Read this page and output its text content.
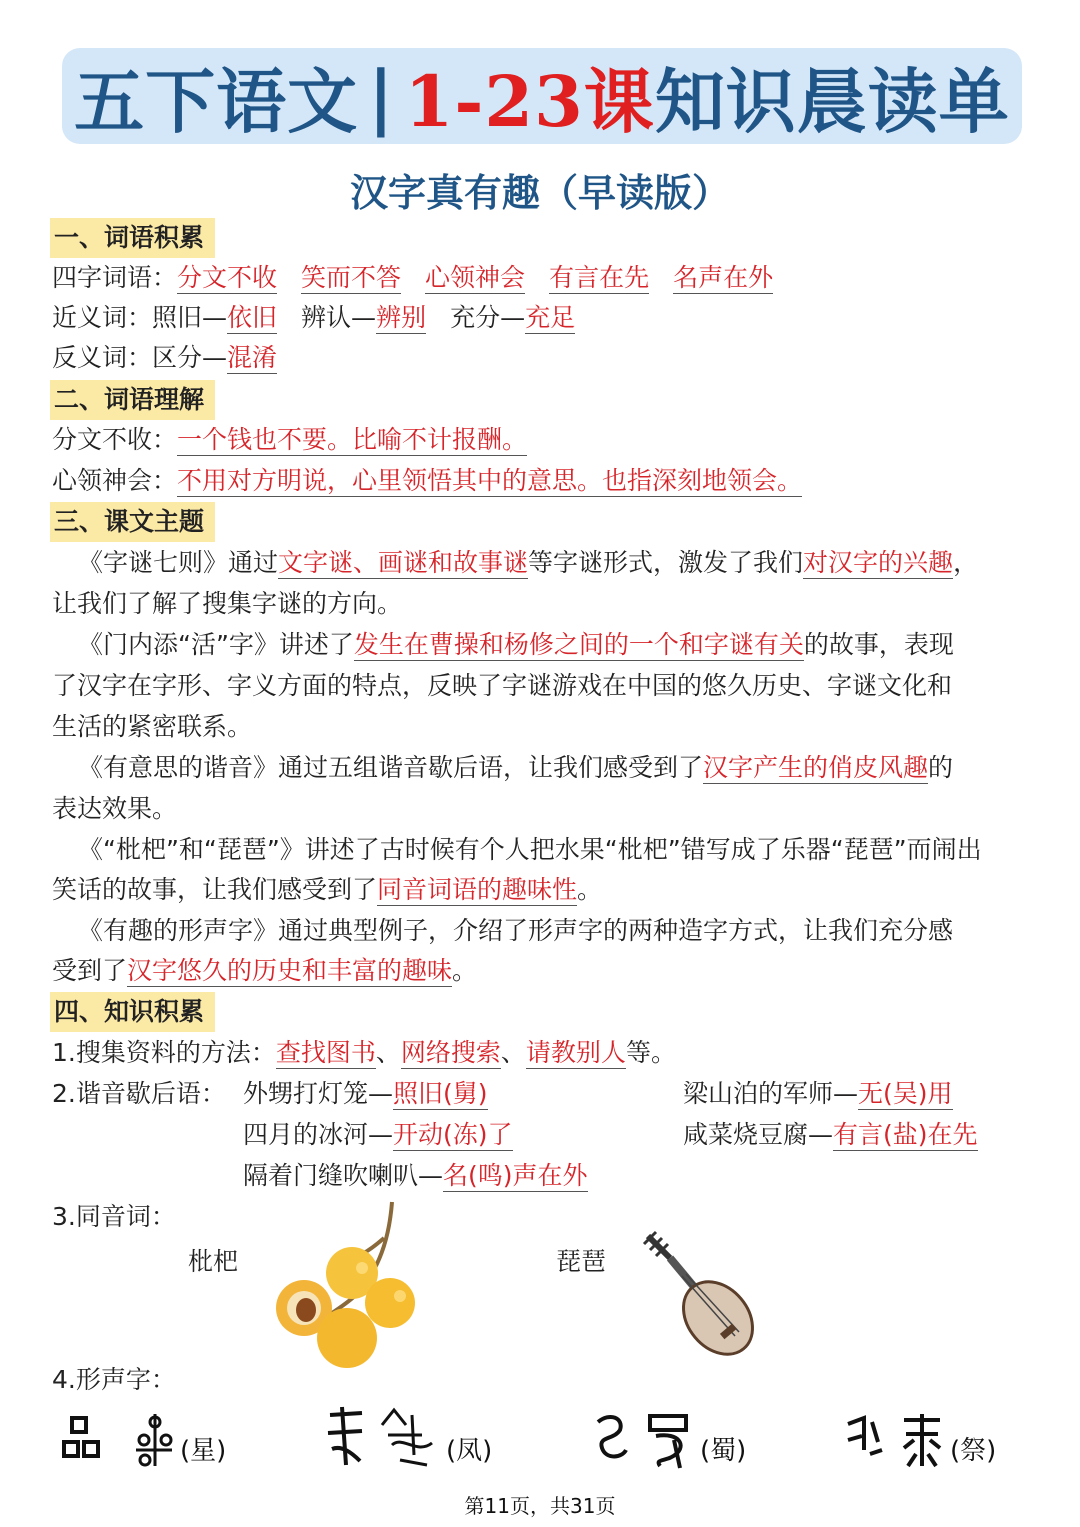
五下语文 | 1-23课 知识晨读单
汉字真有趣（早读版）
一、词语积累
四字词语：分文不收 笑而不答 心领神会 有言在先 名声在外
近义词：照旧—依旧 辨认—辨别 充分—充足
反义词：区分—混淆
二、词语理解
分文不收：一个钱也不要。比喻不计报酬。
心领神会：不用对方明说，心里领悟其中的意思。也指深刻地领会。
三、课文主题
《字谜七则》通过文字谜、画谜和故事谜等字谜形式，激发了我们对汉字的兴趣，
让我们了解了搜集字谜的方向。
《门内添“活”字》讲述了发生在曹操和杨修之间的一个和字谜有关的故事，表现
了汉字在字形、字义方面的特点，反映了字谜游戏在中国的悠久历史、字谜文化和
生活的紧密联系。
《有意思的谐音》通过五组谐音歇后语，让我们感受到了汉字产生的俏皮风趣的
表达效果。
《“枇杷”和“琵琶”》讲述了古时候有个人把水果“枇杷”错写成了乐器“琵琶”而闹出
笑话的故事，让我们感受到了同音词语的趣味性。
《有趣的形声字》通过典型例子，介绍了形声字的两种造字方式，让我们充分感
受到了汉字悠久的历史和丰富的趣味。
四、知识积累
1.搜集资料的方法：查找图书、网络搜索、请教别人等。
2.谐音歇后语： 外甥打灯笼—照旧(舅)	梁山泊的军师—无(吴)用
四月的冰河—开动(冻)了	咸菜烧豆腐—有言(盐)在先
隔着门缝吹喇叭—名(鸣)声在外
3.同音词：
枇杷	琵琶
4.形声字：
(星)	(凤)	(蜀)	(祭)
第11页，共31页
